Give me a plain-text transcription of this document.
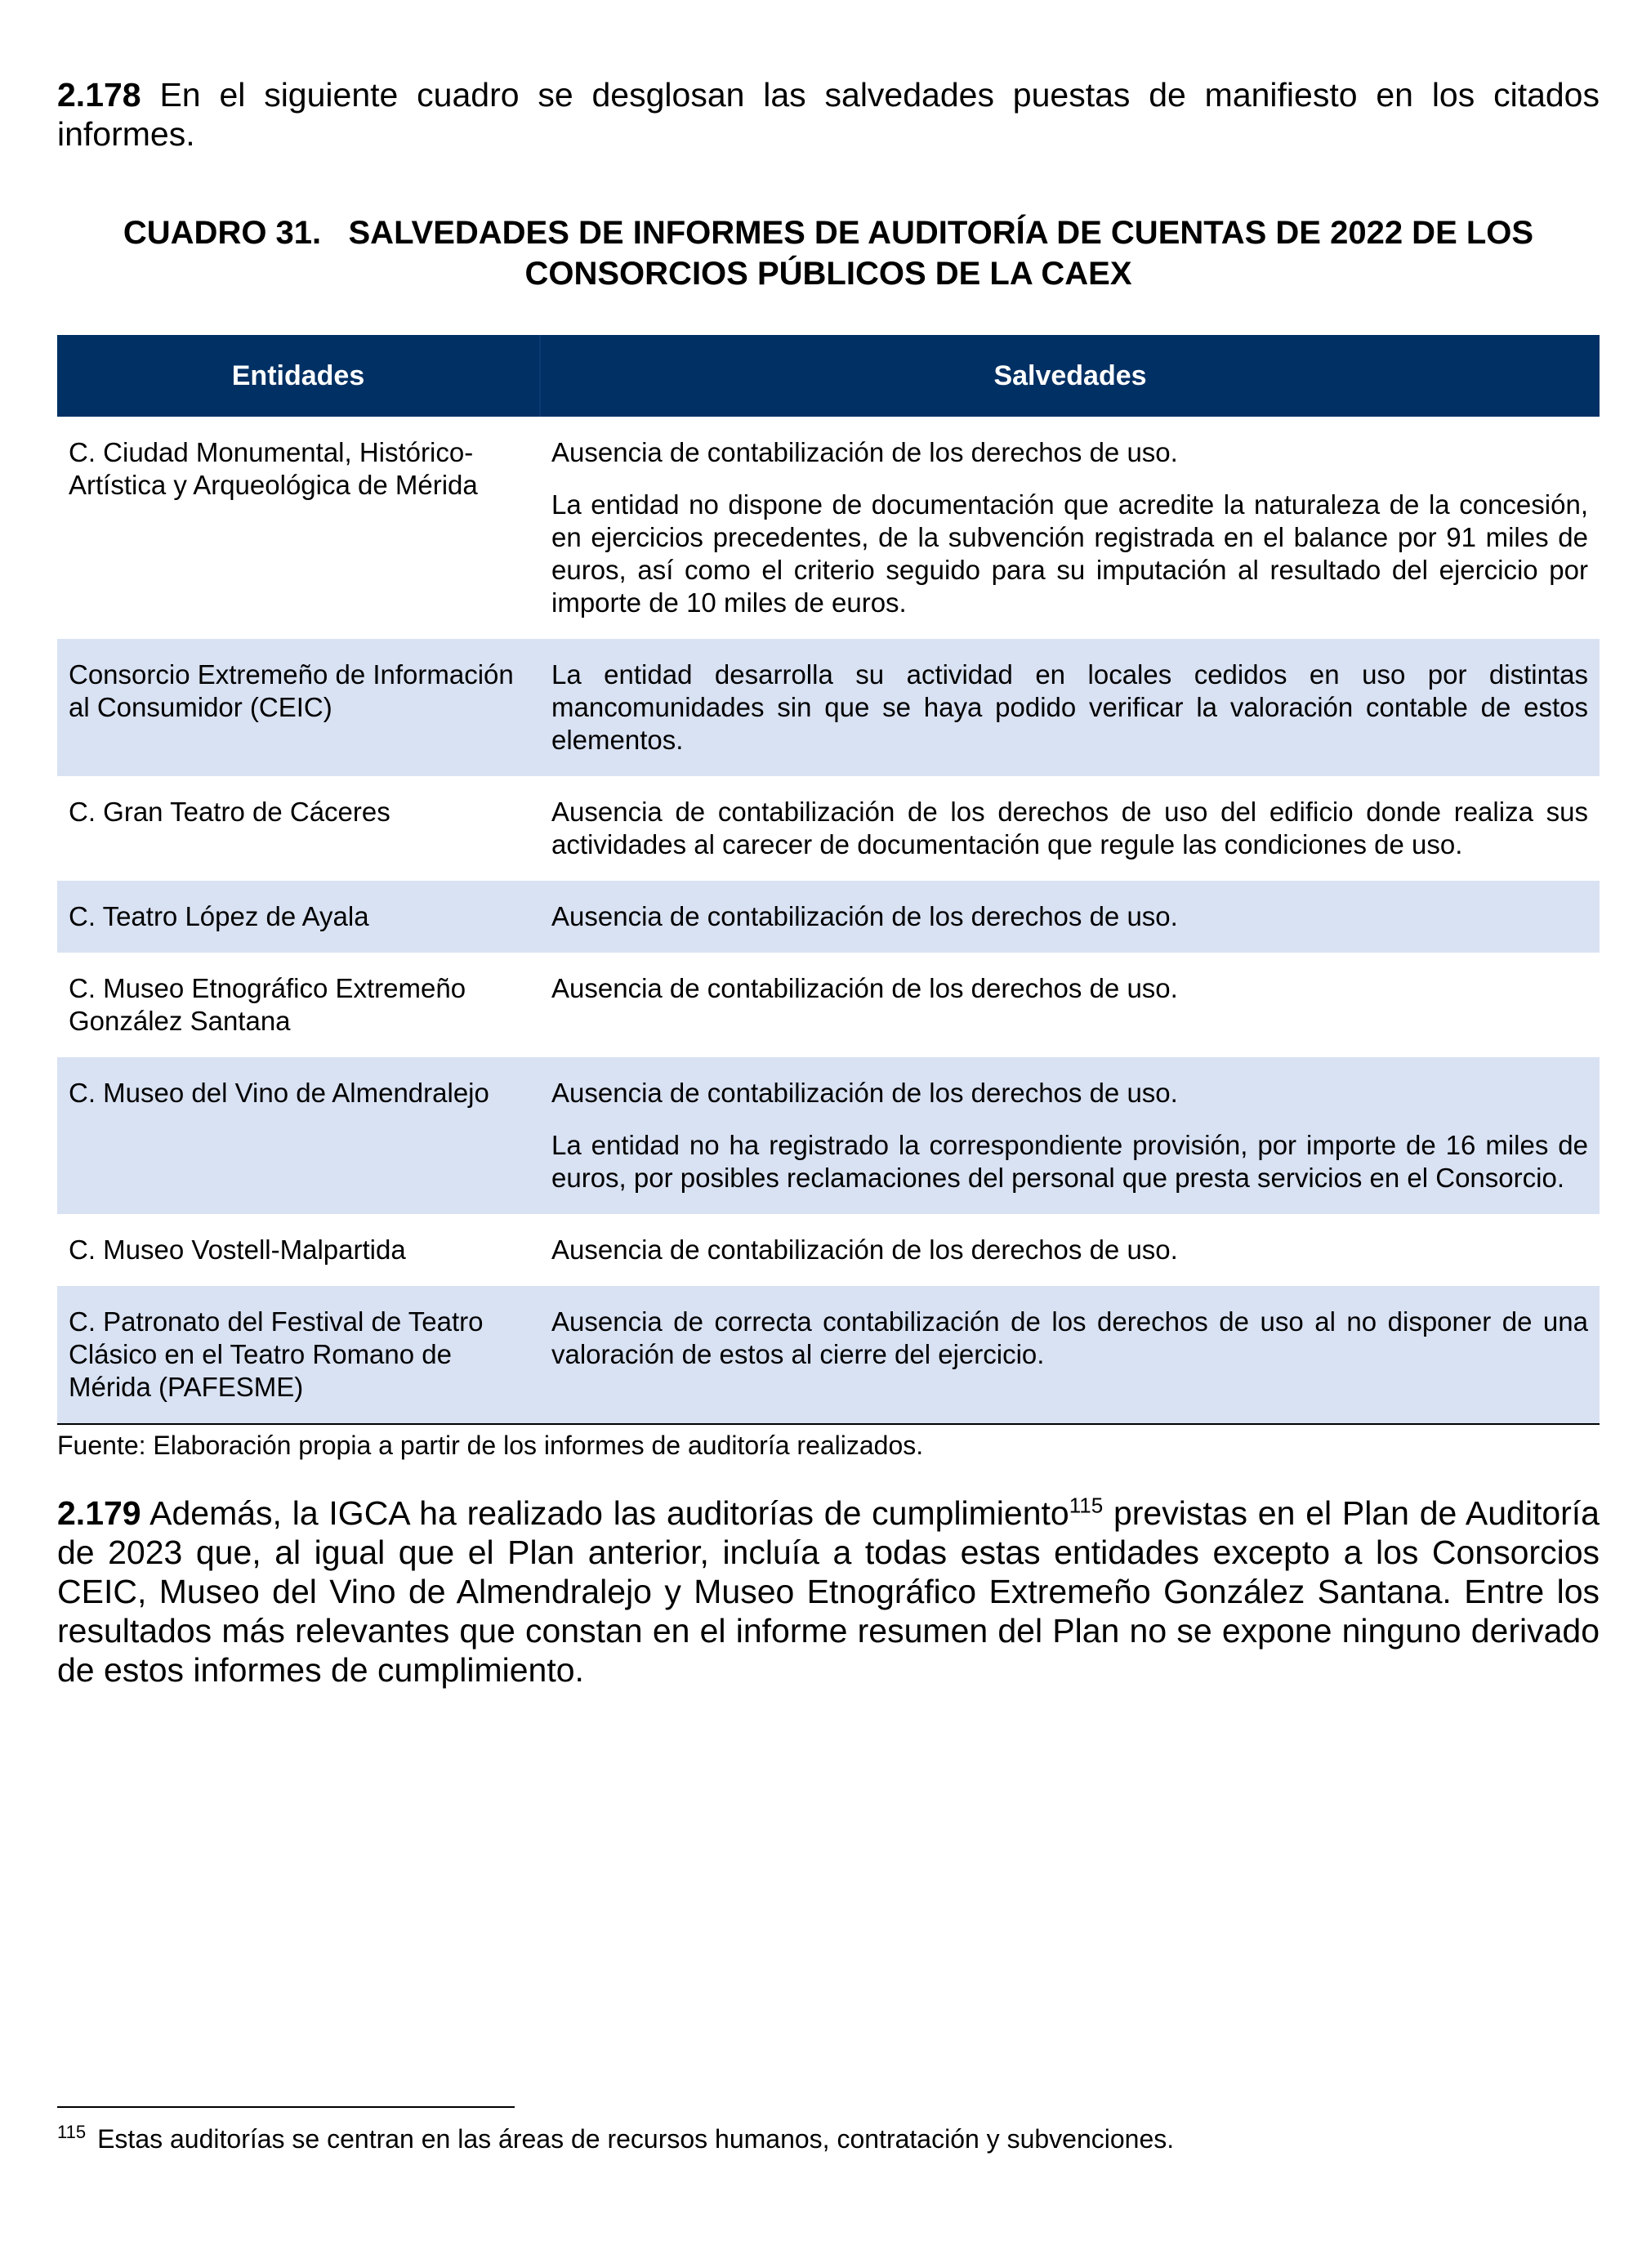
2.178 En el siguiente cuadro se desglosan las salvedades puestas de manifiesto en los citados informes.

CUADRO 31.   SALVEDADES DE INFORMES DE AUDITORÍA DE CUENTAS DE 2022 DE LOS
CONSORCIOS PÚBLICOS DE LA CAEX
Entidades	Salvedades
C. Ciudad Monumental, Histórico-Artística y Arqueológica de Mérida	Ausencia de contabilización de los derechos de uso.

La entidad no dispone de documentación que acredite la naturaleza de la concesión, en ejercicios precedentes, de la subvención registrada en el balance por 91 miles de euros, así como el criterio seguido para su imputación al resultado del ejercicio por importe de 10 miles de euros.

Consorcio Extremeño de Información al Consumidor (CEIC)	La entidad desarrolla su actividad en locales cedidos en uso por distintas mancomunidades sin que se haya podido verificar la valoración contable de estos elementos.

C. Gran Teatro de Cáceres	Ausencia de contabilización de los derechos de uso del edificio donde realiza sus actividades al carecer de documentación que regule las condiciones de uso.

C. Teatro López de Ayala	Ausencia de contabilización de los derechos de uso.

C. Museo Etnográfico Extremeño González Santana	Ausencia de contabilización de los derechos de uso.

C. Museo del Vino de Almendralejo	Ausencia de contabilización de los derechos de uso.

La entidad no ha registrado la correspondiente provisión, por importe de 16 miles de euros, por posibles reclamaciones del personal que presta servicios en el Consorcio.

C. Museo Vostell-Malpartida	Ausencia de contabilización de los derechos de uso.

C. Patronato del Festival de Teatro Clásico en el Teatro Romano de Mérida (PAFESME)	Ausencia de correcta contabilización de los derechos de uso al no disponer de una valoración de estos al cierre del ejercicio.

Fuente: Elaboración propia a partir de los informes de auditoría realizados.

2.179 Además, la IGCA ha realizado las auditorías de cumplimiento$^{115}$ previstas en el Plan de Auditoría de 2023 que, al igual que el Plan anterior, incluía a todas estas entidades excepto a los Consorcios CEIC, Museo del Vino de Almendralejo y Museo Etnográfico Extremeño González Santana. Entre los resultados más relevantes que constan en el informe resumen del Plan no se expone ninguno derivado de estos informes de cumplimiento.

$^{115}$ Estas auditorías se centran en las áreas de recursos humanos, contratación y subvenciones.
